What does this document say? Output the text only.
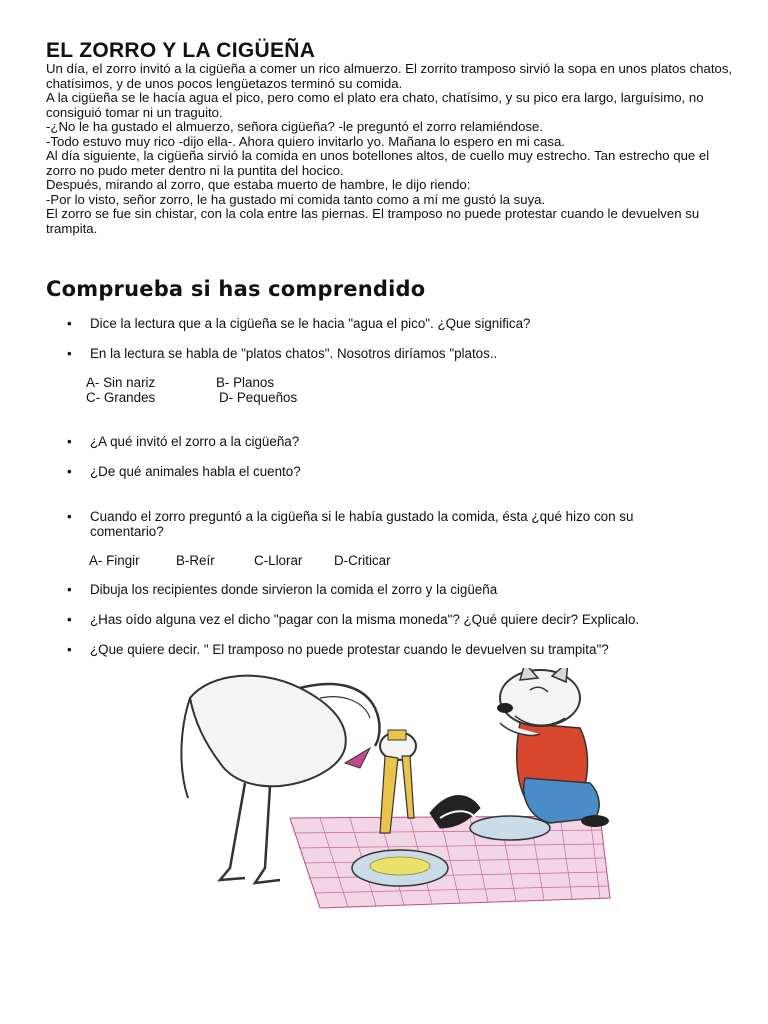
EL ZORRO Y LA CIGÜEÑA

Un día, el zorro invitó a la cigüeña a comer un rico almuerzo. El zorrito tramposo sirvió la sopa en unos platos chatos, chatísimos, y de unos pocos lengüetazos terminó su comida.

A la cigüeña se le hacía agua el pico, pero como el plato era chato, chatísimo, y su pico era largo, larguísimo, no consiguió tomar ni un traguito.

-¿No le ha gustado el almuerzo, señora cigüeña? -le preguntó el zorro relamiéndose.

-Todo estuvo muy rico -dijo ella-. Ahora quiero invitarlo yo. Mañana lo espero en mi casa.

Al día siguiente, la cigüeña sirvió la comida en unos botellones altos, de cuello muy estrecho. Tan estrecho que el zorro no pudo meter dentro ni la puntita del hocico.

Después, mirando al zorro, que estaba muerto de hambre, le dijo riendo:

-Por lo visto, señor zorro, le ha gustado mi comida tanto como a mí me gustó la suya.

El zorro se fue sin chistar, con la cola entre las piernas. El tramposo no puede protestar cuando le devuelven su trampita.

Comprueba si has comprendido
• Dice la lectura que a la cigüeña se le hacia "agua el pico". ¿Que significa?
• En la lectura se habla de "platos chatos". Nosotros diríamos "platos..
A- Sin nariz	B- Planos
C- Grandes	D- Pequeños
• ¿A qué invitó el zorro a la cigüeña?
• ¿De qué animales habla el cuento?
• Cuando el zorro preguntó a la cigüeña si le había gustado la comida, ésta ¿qué hizo con su comentario?
A- Fingir	B-Reír	C-Llorar D-Criticar
• Dibuja los recipientes donde sirvieron la comida el zorro y la cigüeña
• ¿Has oído alguna vez el dicho "pagar con la misma moneda"? ¿Qué quiere decir? Explicalo.
• ¿Que quiere decir. " El tramposo no puede protestar cuando le devuelven su trampita"?
